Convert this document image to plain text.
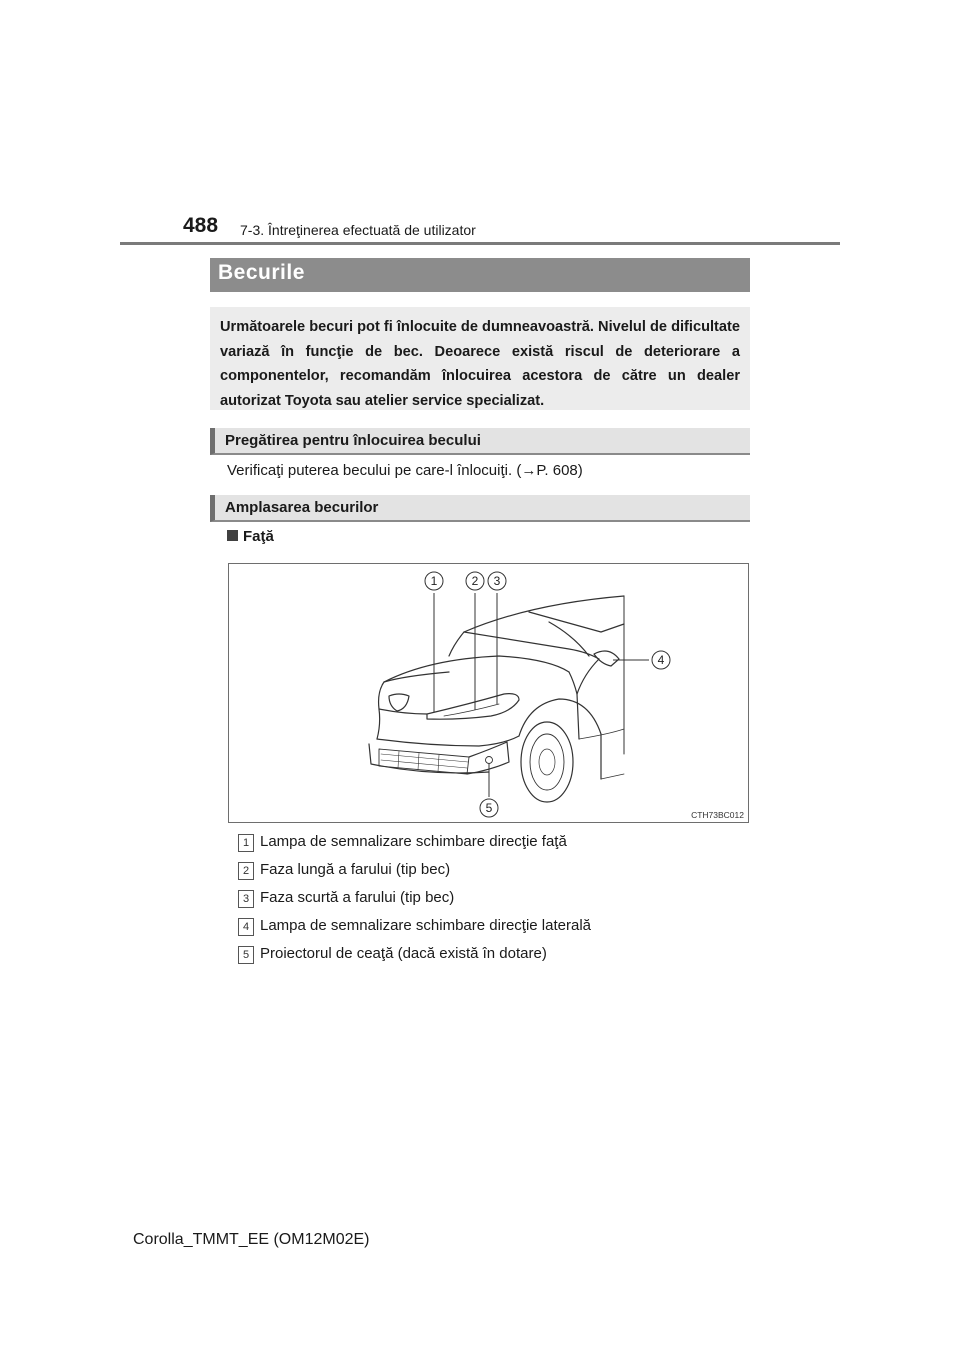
488 7-3. Întreţinerea efectuată de utilizator
Becurile
Următoarele becuri pot fi înlocuite de dumneavoastră. Nivelul de dificultate variază în funcţie de bec. Deoarece există riscul de deteriorare a componentelor, recomandăm înlocuirea acestora de către un dealer autorizat Toyota sau atelier service specializat.
Pregătirea pentru înlocuirea becului
Verificaţi puterea becului pe care-l înlocuiţi. (→P. 608)
Amplasarea becurilor
Faţă
1	2 3
4
5	CTH73BC012
1 Lampa de semnalizare schimbare direcţie faţă
2 Faza lungă a farului (tip bec)
3 Faza scurtă a farului (tip bec)
4 Lampa de semnalizare schimbare direcţie laterală
5 Proiectorul de ceaţă (dacă există în dotare)
Corolla_TMMT_EE (OM12M02E)
